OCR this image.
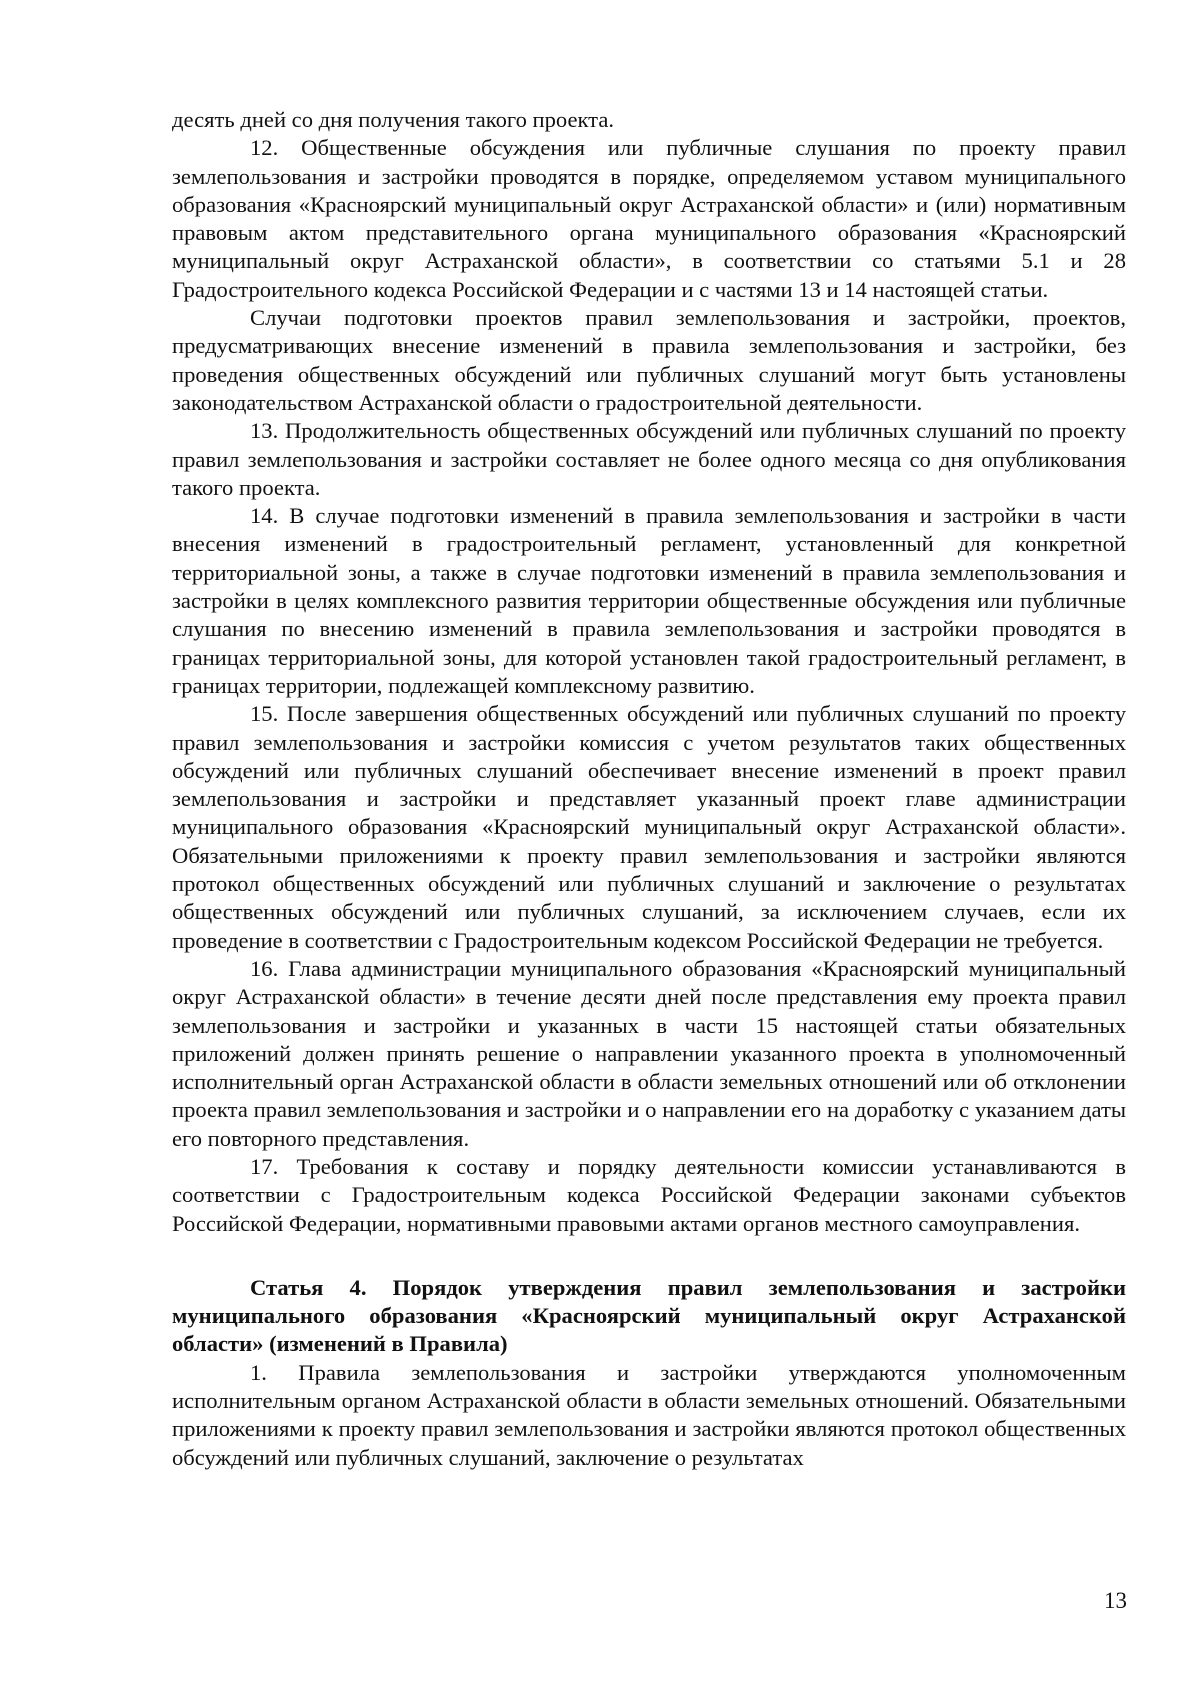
десять дней со дня получения такого проекта.

12. Общественные обсуждения или публичные слушания по проекту правил землепользования и застройки проводятся в порядке, определяемом уставом муниципального образования «Красноярский муниципальный округ Астраханской области» и (или) нормативным правовым актом представительного органа муниципального образования «Красноярский муниципальный округ Астраханской области», в соответствии со статьями 5.1 и 28 Градостроительного кодекса Российской Федерации и с частями 13 и 14 настоящей статьи.

Случаи подготовки проектов правил землепользования и застройки, проектов, предусматривающих внесение изменений в правила землепользования и застройки, без проведения общественных обсуждений или публичных слушаний могут быть установлены законодательством Астраханской области о градостроительной деятельности.

13. Продолжительность общественных обсуждений или публичных слушаний по проекту правил землепользования и застройки составляет не более одного месяца со дня опубликования такого проекта.

14. В случае подготовки изменений в правила землепользования и застройки в части внесения изменений в градостроительный регламент, установленный для конкретной территориальной зоны, а также в случае подготовки изменений в правила землепользования и застройки в целях комплексного развития территории общественные обсуждения или публичные слушания по внесению изменений в правила землепользования и застройки проводятся в границах территориальной зоны, для которой установлен такой градостроительный регламент, в границах территории, подлежащей комплексному развитию.

15. После завершения общественных обсуждений или публичных слушаний по проекту правил землепользования и застройки комиссия с учетом результатов таких общественных обсуждений или публичных слушаний обеспечивает внесение изменений в проект правил землепользования и застройки и представляет указанный проект главе администрации муниципального образования «Красноярский муниципальный округ Астраханской области». Обязательными приложениями к проекту правил землепользования и застройки являются протокол общественных обсуждений или публичных слушаний и заключение о результатах общественных обсуждений или публичных слушаний, за исключением случаев, если их проведение в соответствии с Градостроительным кодексом Российской Федерации не требуется.

16. Глава администрации муниципального образования «Красноярский муниципальный округ Астраханской области» в течение десяти дней после представления ему проекта правил землепользования и застройки и указанных в части 15 настоящей статьи обязательных приложений должен принять решение о направлении указанного проекта в уполномоченный исполнительный орган Астраханской области в области земельных отношений или об отклонении проекта правил землепользования и застройки и о направлении его на доработку с указанием даты его повторного представления.

17. Требования к составу и порядку деятельности комиссии устанавливаются в соответствии с Градостроительным кодекса Российской Федерации законами субъектов Российской Федерации, нормативными правовыми актами органов местного самоуправления.

Статья 4. Порядок утверждения правил землепользования и застройки муниципального образования «Красноярский муниципальный округ Астраханской области» (изменений в Правила)

1. Правила землепользования и застройки утверждаются уполномоченным исполнительным органом Астраханской области в области земельных отношений. Обязательными приложениями к проекту правил землепользования и застройки являются протокол общественных обсуждений или публичных слушаний, заключение о результатах

13
